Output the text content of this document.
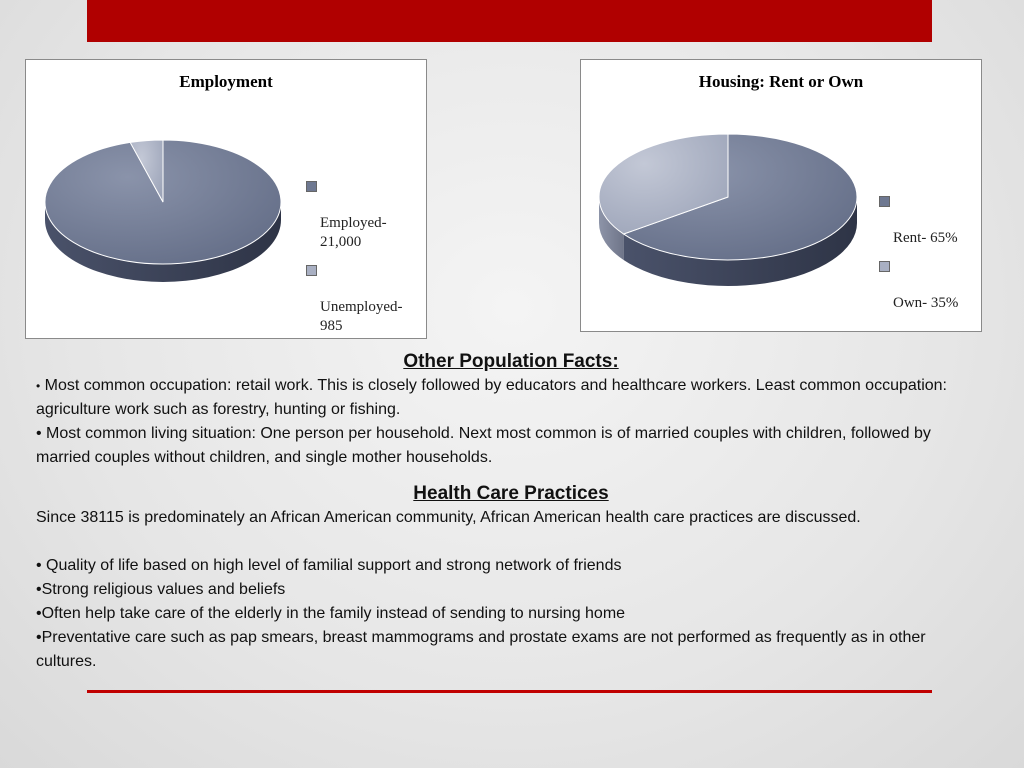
Employment

Employed-
21,000

Unemployed-
985

Housing: Rent or Own

Rent- 65%

Own- 35%

Other Population Facts:

• Most common occupation: retail work. This is closely followed by educators and healthcare workers. Least common occupation: agriculture work such as forestry, hunting or fishing.

• Most common living situation: One person per household. Next most common is of married couples with children, followed by married couples without children, and single mother households.

Health Care Practices

Since 38115 is predominately an African American community, African American health care practices are discussed.

• Quality of life based on high level of familial support and strong network of friends

•Strong religious values and beliefs

•Often help take care of the elderly in the family instead of sending to nursing home

•Preventative care such as pap smears, breast mammograms and prostate exams are not performed as frequently as in other cultures.
